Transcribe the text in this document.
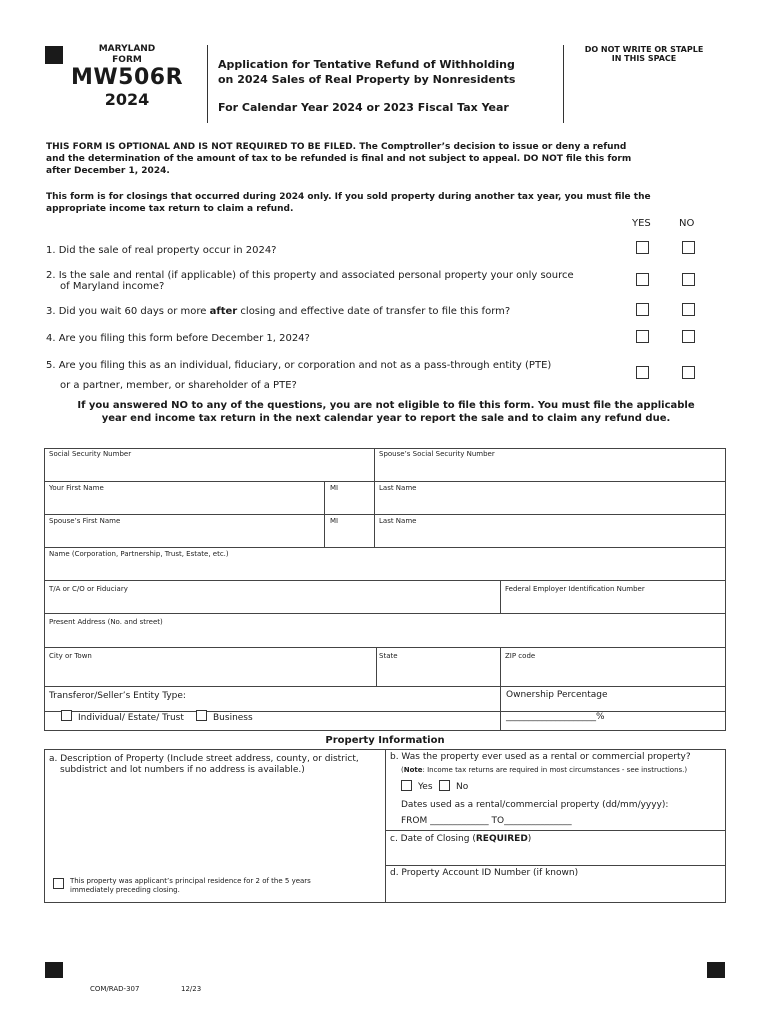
MARYLAND
FORM
MW506R
2024
Application for Tentative Refund of Withholding
on 2024 Sales of Real Property by Nonresidents
For Calendar Year 2024 or 2023 Fiscal Tax Year
DO NOT WRITE OR STAPLE
IN THIS SPACE
THIS FORM IS OPTIONAL AND IS NOT REQUIRED TO BE FILED. The Comptroller’s decision to issue or deny a refund
and the determination of the amount of tax to be refunded is final and not subject to appeal. DO NOT file this form
after December 1, 2024.
This form is for closings that occurred during 2024 only. If you sold property during another tax year, you must file the
appropriate income tax return to claim a refund.
YES	NO
1. Did the sale of real property occur in 2024?
2. Is the sale and rental (if applicable) of this property and associated personal property your only source
of Maryland income?
3. Did you wait 60 days or more after closing and effective date of transfer to file this form?
4. Are you filing this form before December 1, 2024?
5. Are you filing this as an individual, fiduciary, or corporation and not as a pass-through entity (PTE)
or a partner, member, or shareholder of a PTE?
If you answered NO to any of the questions, you are not eligible to file this form. You must file the applicable
year end income tax return in the next calendar year to report the sale and to claim any refund due.
Social Security Number	Spouse’s Social Security Number
Your First Name	MI	Last Name
Spouse’s First Name	MI	Last Name
Name (Corporation, Partnership, Trust, Estate, etc.)
T/A or C/O or Fiduciary	Federal Employer Identification Number
Present Address (No. and street)
City or Town	State	ZIP code
Transferor/Seller’s Entity Type:
Individual/ Estate/ Trust	Business
Ownership Percentage
____________________%
Property Information
a. Description of Property (Include street address, county, or district,
subdistrict and lot numbers if no address is available.)
This property was applicant’s principal residence for 2 of the 5 years
immediately preceding closing.
b. Was the property ever used as a rental or commercial property?
(Note: Income tax returns are required in most circumstances - see instructions.)
Yes	No
Dates used as a rental/commercial property (dd/mm/yyyy):
FROM _____________ TO_______________
c. Date of Closing (REQUIRED)
d. Property Account ID Number (if known)
COM/RAD-307	12/23
